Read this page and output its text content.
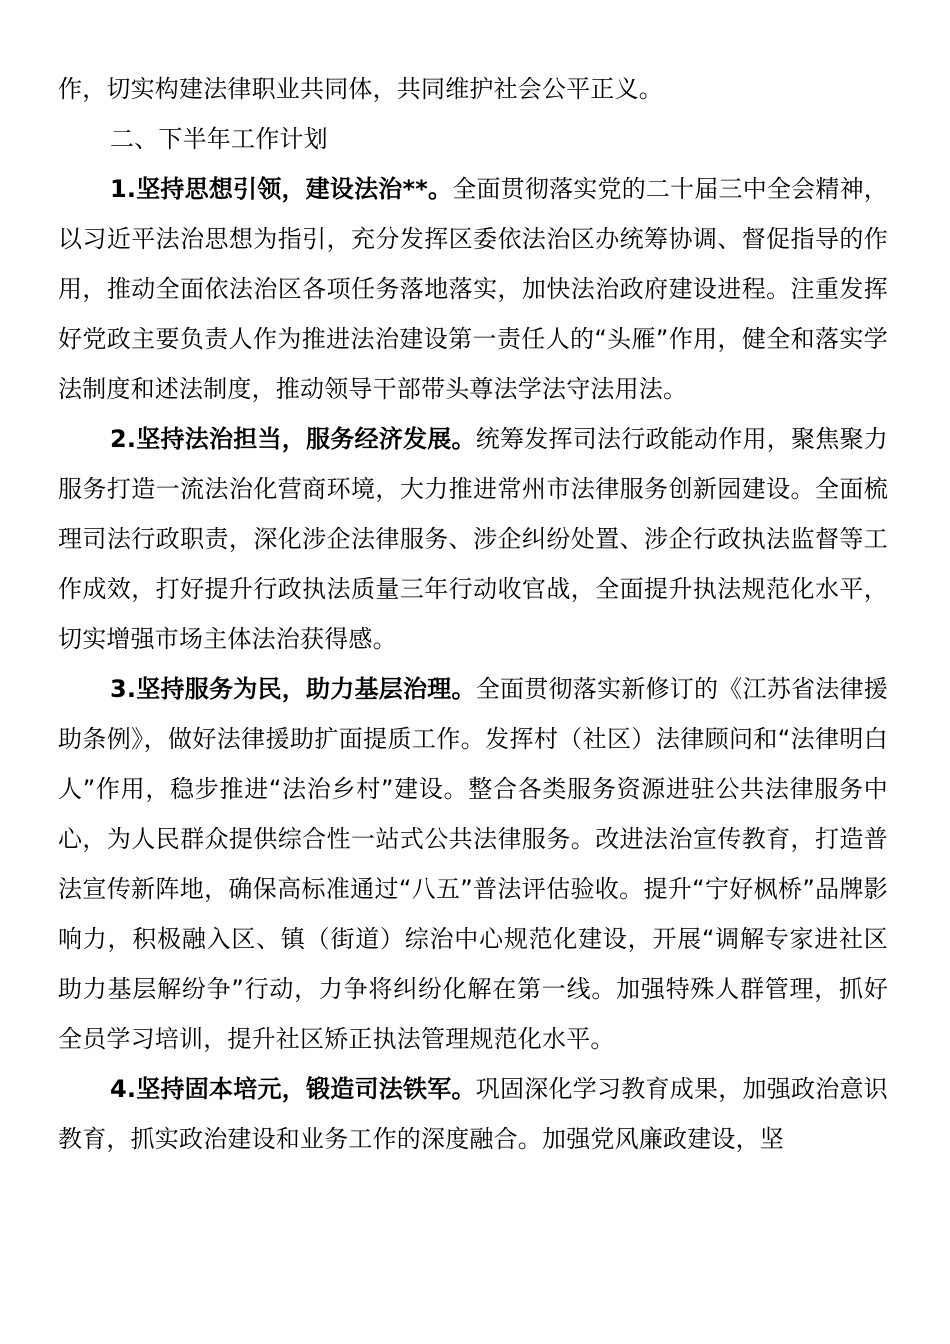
作，切实构建法律职业共同体，共同维护社会公平正义。

二、下半年工作计划

1.坚持思想引领，建设法治**。全面贯彻落实党的二十届三中全会精神，以习近平法治思想为指引，充分发挥区委依法治区办统筹协调、督促指导的作用，推动全面依法治区各项任务落地落实，加快法治政府建设进程。注重发挥好党政主要负责人作为推进法治建设第一责任人的“头雁”作用，健全和落实学法制度和述法制度，推动领导干部带头尊法学法守法用法。

2.坚持法治担当，服务经济发展。统筹发挥司法行政能动作用，聚焦聚力服务打造一流法治化营商环境，大力推进常州市法律服务创新园建设。全面梳理司法行政职责，深化涉企法律服务、涉企纠纷处置、涉企行政执法监督等工作成效，打好提升行政执法质量三年行动收官战，全面提升执法规范化水平，切实增强市场主体法治获得感。

3.坚持服务为民，助力基层治理。全面贯彻落实新修订的《江苏省法律援助条例》，做好法律援助扩面提质工作。发挥村（社区）法律顾问和“法律明白人”作用，稳步推进“法治乡村”建设。整合各类服务资源进驻公共法律服务中心，为人民群众提供综合性一站式公共法律服务。改进法治宣传教育，打造普法宣传新阵地，确保高标准通过“八五”普法评估验收。提升“宁好枫桥”品牌影响力，积极融入区、镇（街道）综治中心规范化建设，开展“调解专家进社区助力基层解纷争”行动，力争将纠纷化解在第一线。加强特殊人群管理，抓好全员学习培训，提升社区矫正执法管理规范化水平。

4.坚持固本培元，锻造司法铁军。巩固深化学习教育成果，加强政治意识教育，抓实政治建设和业务工作的深度融合。加强党风廉政建设，坚
